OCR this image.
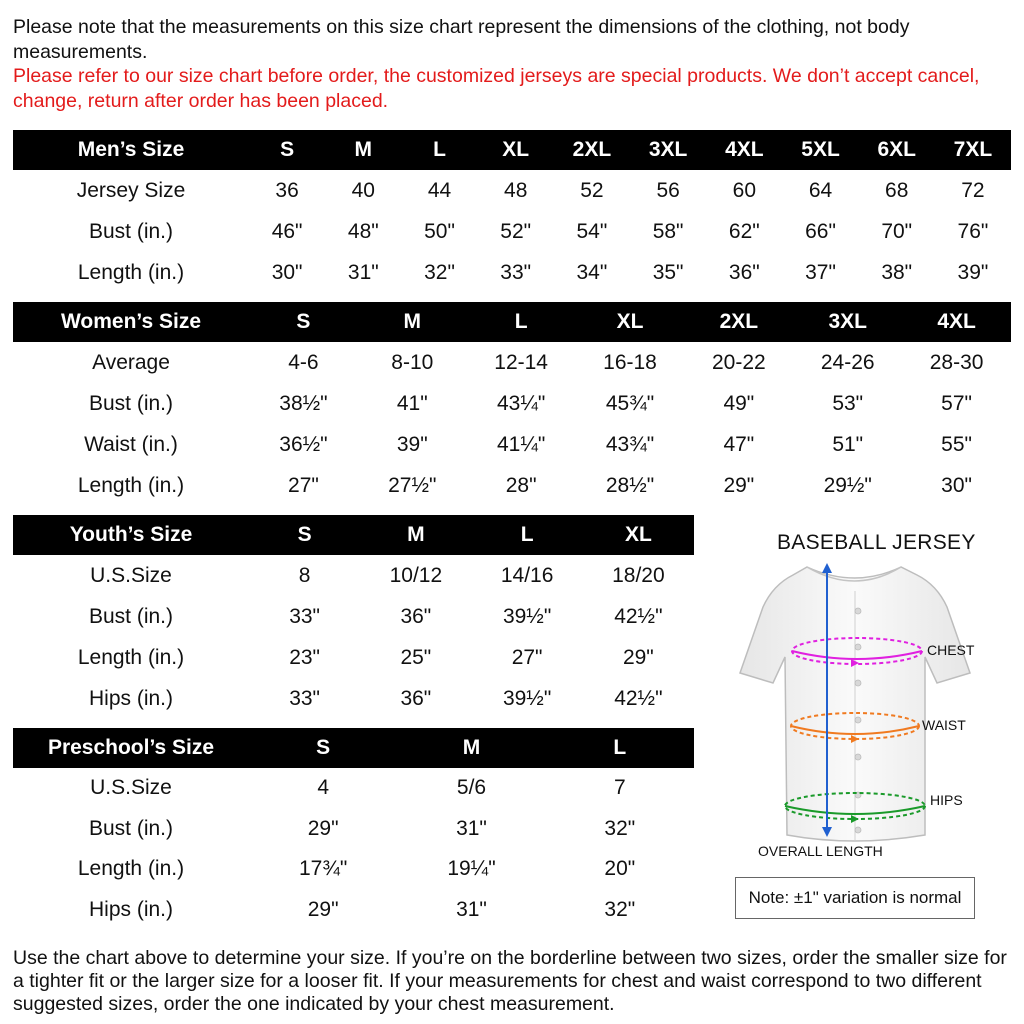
Please note that the measurements on this size chart represent the dimensions of the clothing, not body measurements.
Please refer to our size chart before order, the customized jerseys are special products. We don’t accept cancel, change, return after order has been placed.
Men’s Size	S	M	L	XL	2XL	3XL	4XL	5XL	6XL	7XL
Jersey Size	36	40	44	48	52	56	60	64	68	72
Bust (in.)	46"	48"	50"	52"	54"	58"	62"	66"	70"	76"
Length (in.)	30"	31"	32"	33"	34"	35"	36"	37"	38"	39"
Women’s Size	S	M	L	XL	2XL	3XL	4XL
Average	4-6	8-10	12-14	16-18	20-22	24-26	28-30
Bust (in.)	38½"	41"	43¼"	45¾"	49"	53"	57"
Waist (in.)	36½"	39"	41¼"	43¾"	47"	51"	55"
Length (in.)	27"	27½"	28"	28½"	29"	29½"	30"
Youth’s Size	S	M	L	XL
U.S.Size	8	10/12	14/16	18/20
Bust (in.)	33"	36"	39½"	42½"
Length (in.)	23"	25"	27"	29"
Hips (in.)	33"	36"	39½"	42½"
Preschool’s Size	S	M	L
U.S.Size	4	5/6	7
Bust (in.)	29"	31"	32"
Length (in.)	17¾"	19¼"	20"
Hips (in.)	29"	31"	32"
BASEBALL JERSEY
CHEST
WAIST
HIPS
OVERALL LENGTH
Note: ±1" variation is normal
Use the chart above to determine your size. If you’re on the borderline between two sizes, order the smaller size for a tighter fit or the larger size for a looser fit. If your measurements for chest and waist correspond to two different suggested sizes, order the one indicated by your chest measurement.
